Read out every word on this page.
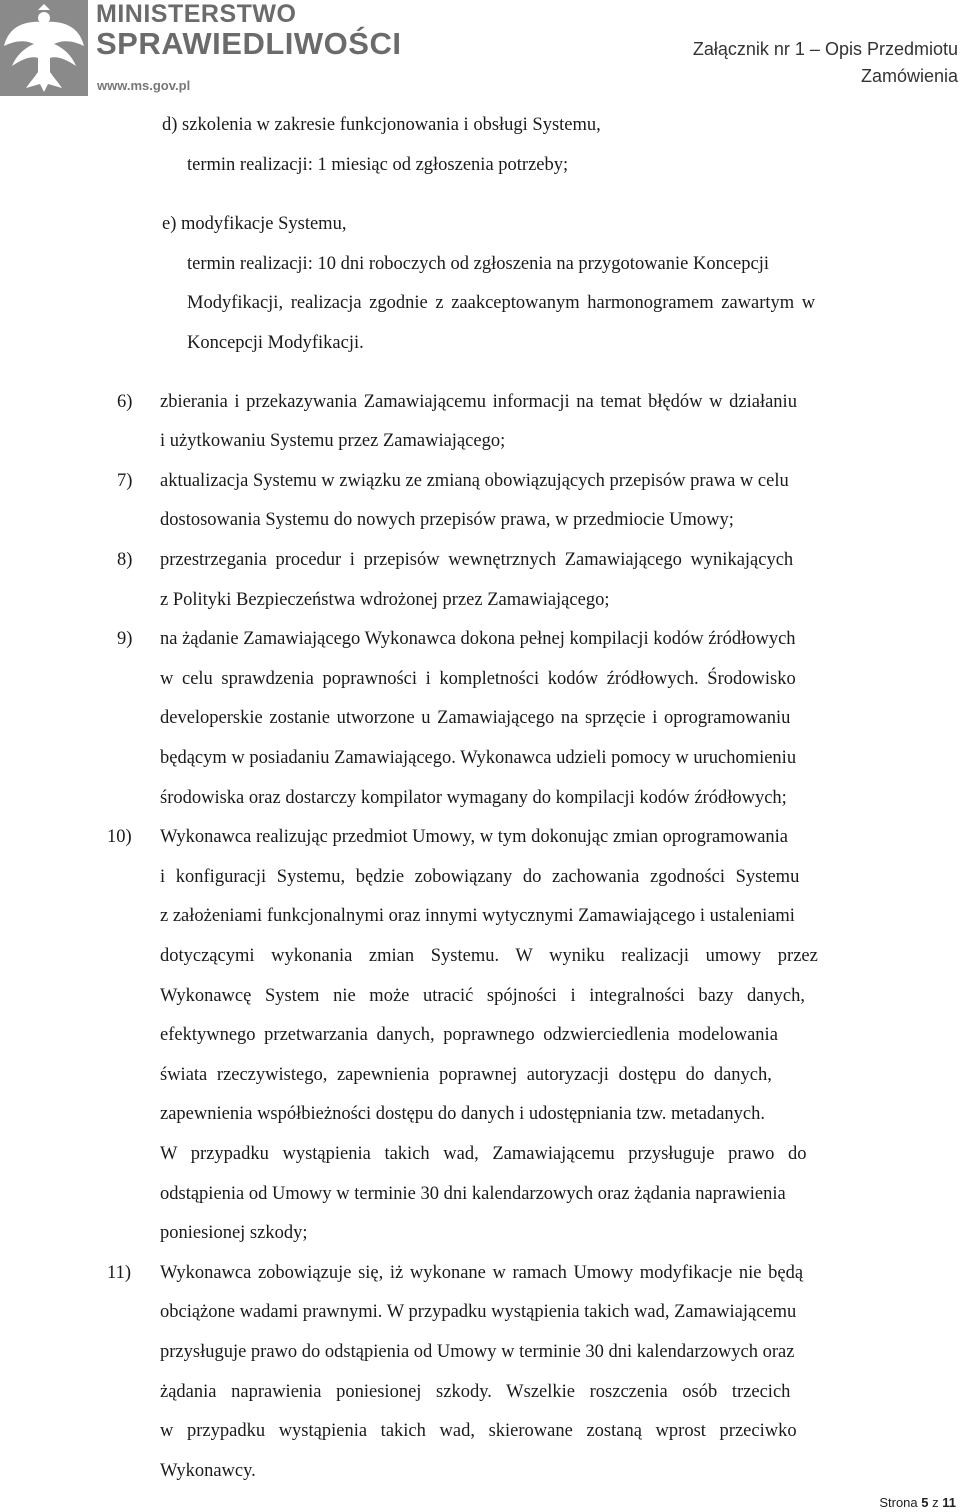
MINISTERSTWO
SPRAWIEDLIWOŚCI
www.ms.gov.pl
Załącznik nr 1 – Opis Przedmiotu
Zamówienia
d) szkolenia w zakresie funkcjonowania i obsługi Systemu,
termin realizacji: 1 miesiąc od zgłoszenia potrzeby;
e) modyfikacje Systemu,
termin realizacji: 10 dni roboczych od zgłoszenia na przygotowanie Koncepcji
Modyfikacji, realizacja zgodnie z zaakceptowanym harmonogramem zawartym w
Koncepcji Modyfikacji.
6) zbierania i przekazywania Zamawiającemu informacji na temat błędów w działaniu
i użytkowaniu Systemu przez Zamawiającego;
7) aktualizacja Systemu w związku ze zmianą obowiązujących przepisów prawa w celu
dostosowania Systemu do nowych przepisów prawa, w przedmiocie Umowy;
8) przestrzegania procedur i przepisów wewnętrznych Zamawiającego wynikających
z Polityki Bezpieczeństwa wdrożonej przez Zamawiającego;
9) na żądanie Zamawiającego Wykonawca dokona pełnej kompilacji kodów źródłowych
w celu sprawdzenia poprawności i kompletności kodów źródłowych. Środowisko
developerskie zostanie utworzone u Zamawiającego na sprzęcie i oprogramowaniu
będącym w posiadaniu Zamawiającego. Wykonawca udzieli pomocy w uruchomieniu
środowiska oraz dostarczy kompilator wymagany do kompilacji kodów źródłowych;
10) Wykonawca realizując przedmiot Umowy, w tym dokonując zmian oprogramowania
i konfiguracji Systemu, będzie zobowiązany do zachowania zgodności Systemu
z założeniami funkcjonalnymi oraz innymi wytycznymi Zamawiającego i ustaleniami
dotyczącymi wykonania zmian Systemu. W wyniku realizacji umowy przez
Wykonawcę System nie może utracić spójności i integralności bazy danych,
efektywnego przetwarzania danych, poprawnego odzwierciedlenia modelowania
świata rzeczywistego, zapewnienia poprawnej autoryzacji dostępu do danych,
zapewnienia współbieżności dostępu do danych i udostępniania tzw. metadanych.
W przypadku wystąpienia takich wad, Zamawiającemu przysługuje prawo do
odstąpienia od Umowy w terminie 30 dni kalendarzowych oraz żądania naprawienia
poniesionej szkody;
11) Wykonawca zobowiązuje się, iż wykonane w ramach Umowy modyfikacje nie będą
obciążone wadami prawnymi. W przypadku wystąpienia takich wad, Zamawiającemu
przysługuje prawo do odstąpienia od Umowy w terminie 30 dni kalendarzowych oraz
żądania naprawienia poniesionej szkody. Wszelkie roszczenia osób trzecich
w przypadku wystąpienia takich wad, skierowane zostaną wprost przeciwko
Wykonawcy.
Strona 5 z 11
